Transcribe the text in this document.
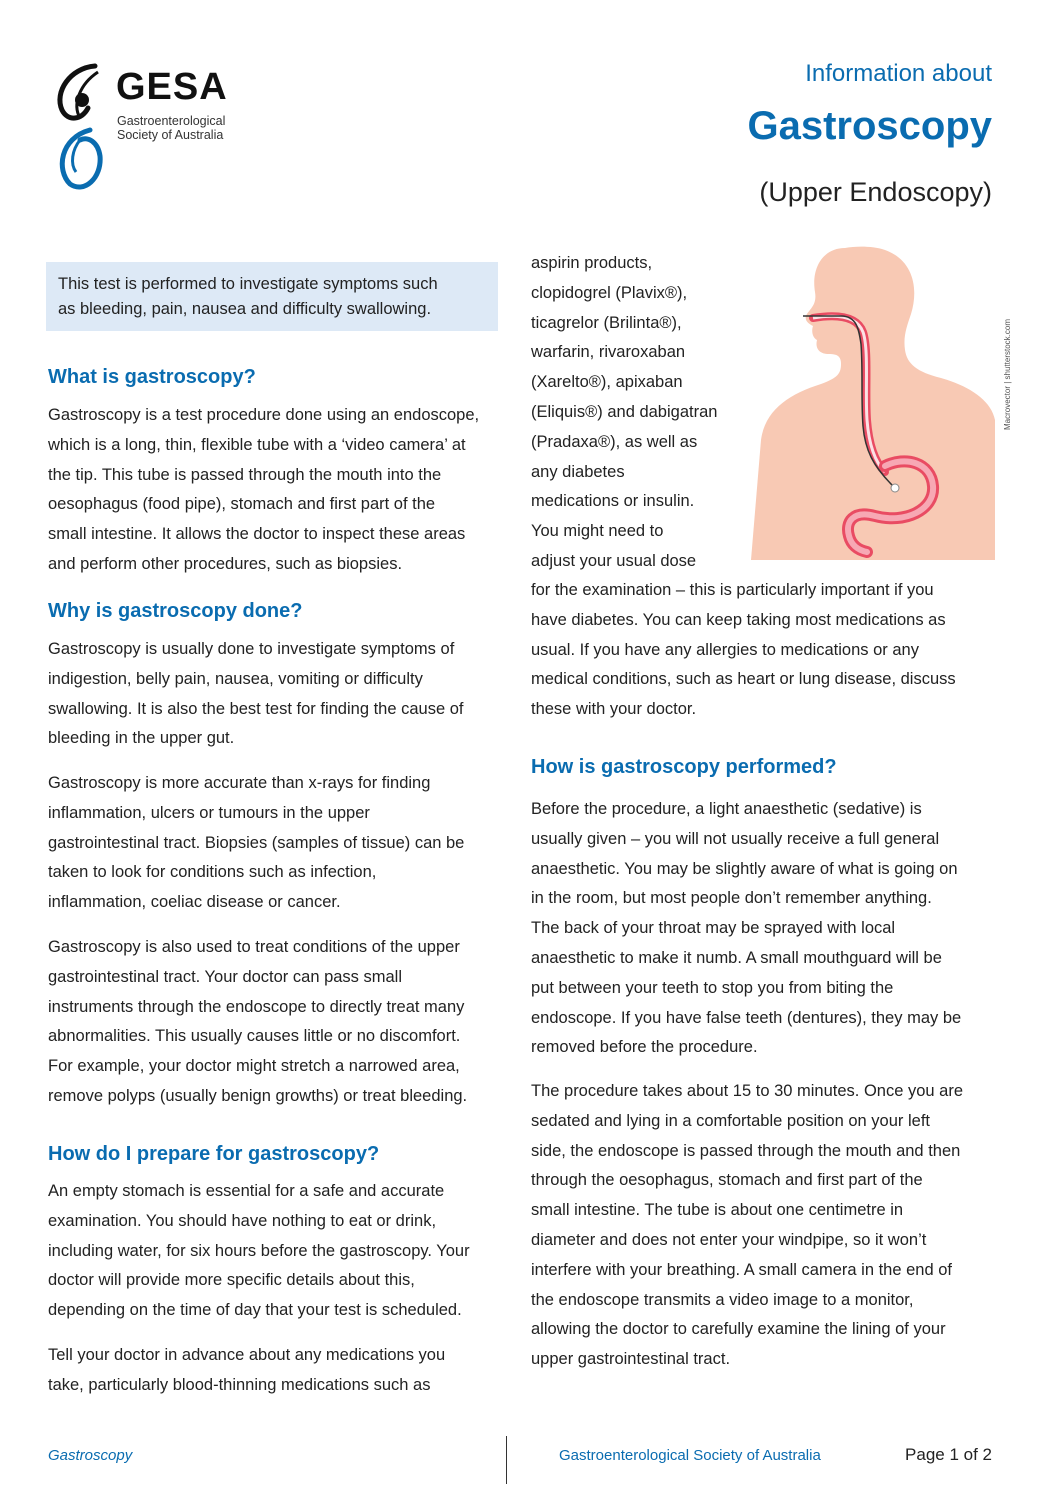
GESA
Gastroenterological
Society of Australia
Information about
Gastroscopy
(Upper Endoscopy)
This test is performed to investigate symptoms such
as bleeding, pain, nausea and difficulty swallowing.
What is gastroscopy?
Gastroscopy is a test procedure done using an endoscope,
which is a long, thin, flexible tube with a ‘video camera’ at
the tip. This tube is passed through the mouth into the
oesophagus (food pipe), stomach and first part of the
small intestine. It allows the doctor to inspect these areas
and perform other procedures, such as biopsies.
Why is gastroscopy done?
Gastroscopy is usually done to investigate symptoms of
indigestion, belly pain, nausea, vomiting or difficulty
swallowing. It is also the best test for finding the cause of
bleeding in the upper gut.
Gastroscopy is more accurate than x-rays for finding
inflammation, ulcers or tumours in the upper
gastrointestinal tract. Biopsies (samples of tissue) can be
taken to look for conditions such as infection,
inflammation, coeliac disease or cancer.
Gastroscopy is also used to treat conditions of the upper
gastrointestinal tract. Your doctor can pass small
instruments through the endoscope to directly treat many
abnormalities. This usually causes little or no discomfort.
For example, your doctor might stretch a narrowed area,
remove polyps (usually benign growths) or treat bleeding.
How do I prepare for gastroscopy?
An empty stomach is essential for a safe and accurate
examination. You should have nothing to eat or drink,
including water, for six hours before the gastroscopy. Your
doctor will provide more specific details about this,
depending on the time of day that your test is scheduled.
Tell your doctor in advance about any medications you
take, particularly blood-thinning medications such as
aspirin products,
clopidogrel (Plavix®),
ticagrelor (Brilinta®),
warfarin, rivaroxaban
(Xarelto®), apixaban
(Eliquis®) and dabigatran
(Pradaxa®), as well as
any diabetes
medications or insulin.
You might need to
adjust your usual dose
Macrovector | shutterstock.com
for the examination – this is particularly important if you
have diabetes. You can keep taking most medications as
usual. If you have any allergies to medications or any
medical conditions, such as heart or lung disease, discuss
these with your doctor.
How is gastroscopy performed?
Before the procedure, a light anaesthetic (sedative) is
usually given – you will not usually receive a full general
anaesthetic. You may be slightly aware of what is going on
in the room, but most people don’t remember anything.
The back of your throat may be sprayed with local
anaesthetic to make it numb. A small mouthguard will be
put between your teeth to stop you from biting the
endoscope. If you have false teeth (dentures), they may be
removed before the procedure.
The procedure takes about 15 to 30 minutes. Once you are
sedated and lying in a comfortable position on your left
side, the endoscope is passed through the mouth and then
through the oesophagus, stomach and first part of the
small intestine. The tube is about one centimetre in
diameter and does not enter your windpipe, so it won’t
interfere with your breathing. A small camera in the end of
the endoscope transmits a video image to a monitor,
allowing the doctor to carefully examine the lining of your
upper gastrointestinal tract.
Gastroscopy	Gastroenterological Society of Australia	Page 1 of 2
